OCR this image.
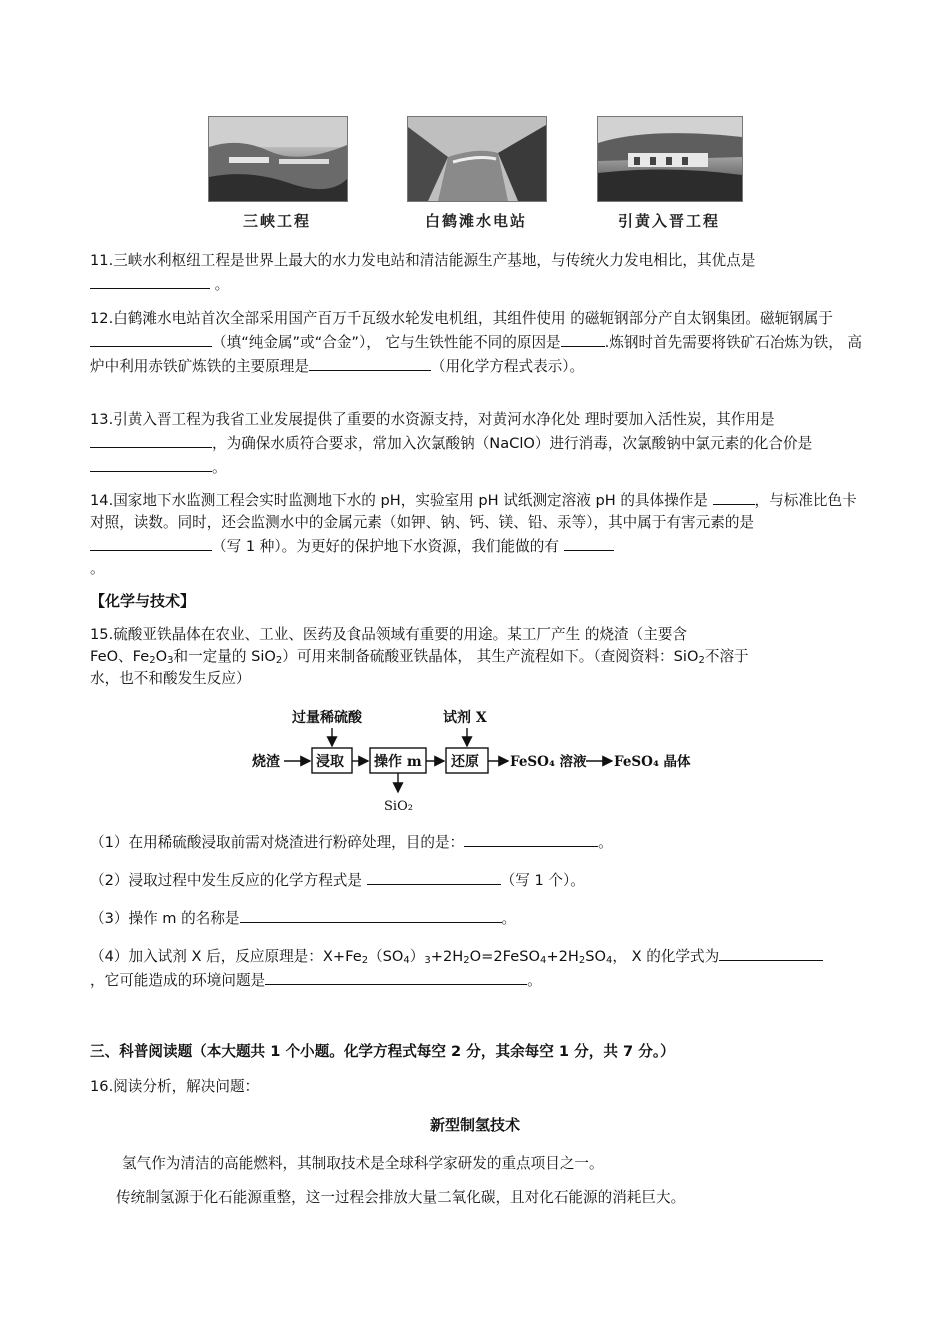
三峡工程	白鹤滩水电站	引黄入晋工程
11.三峡水利枢纽工程是世界上最大的水力发电站和清洁能源生产基地，与传统火力发电相比，其优点是 。
12.白鹤滩水电站首次全部采用国产百万千瓦级水轮发电机组，其组件使用 的磁轭钢部分产自太钢集团。磁轭钢属于（填“纯金属”或“合金”）， 它与生铁性能不同的原因是	.炼钢时首先需要将铁矿石冶炼为铁， 高炉中利用赤铁矿炼铁的主要原理是	（用化学方程式表示）。
13.引黄入晋工程为我省工业发展提供了重要的水资源支持，对黄河水净化处 理时要加入活性炭，其作用是，为确保水质符合要求，常加入次氯酸钠（NaClO）进行消毒，次氯酸钠中氯元素的化合价是。
14.国家地下水监测工程会实时监测地下水的 pH，实验室用 pH 试纸测定溶液 pH 的具体操作是	，与标准比色卡对照，读数。同时，还会监测水中的金属元素（如钾、钠、钙、镁、铅、汞等），其中属于有害元素的是（写 1 种）。为更好的保护地下水资源，我们能做的有
。
【化学与技术】
15.硫酸亚铁晶体在农业、工业、医药及食品领域有重要的用途。某工厂产生 的烧渣（主要含
FeO、$Fe_2O_3$和一定量的 SiO$_2$）可用来制备硫酸亚铁晶体， 其生产流程如下。（查阅资料：SiO$_2$不溶于
水，也不和酸发生反应）
过量稀硫酸	试剂 X
烧渣	浸取 操作 m 还原 FeSO₄ 溶液 FeSO₄ 晶体
SiO₂
（1）在用稀硫酸浸取前需对烧渣进行粉碎处理，目的是：	。
（2）浸取过程中发生反应的化学方程式是	（写 1 个）。
（3）操作 m 的名称是	。
（4）加入试剂 X 后，反应原理是：$X+Fe_2(SO_4)_3+2H_2O=2FeSO_4+2H_2SO_4$， X 的化学式为
，它可能造成的环境问题是	。
三、科普阅读题（本大题共 1 个小题。化学方程式每空 2 分，其余每空 1 分，共 7 分。）
16.阅读分析，解决问题：
新型制氢技术
氢气作为清洁的高能燃料，其制取技术是全球科学家研发的重点项目之一。
传统制氢源于化石能源重整，这一过程会排放大量二氧化碳，且对化石能源的消耗巨大。
